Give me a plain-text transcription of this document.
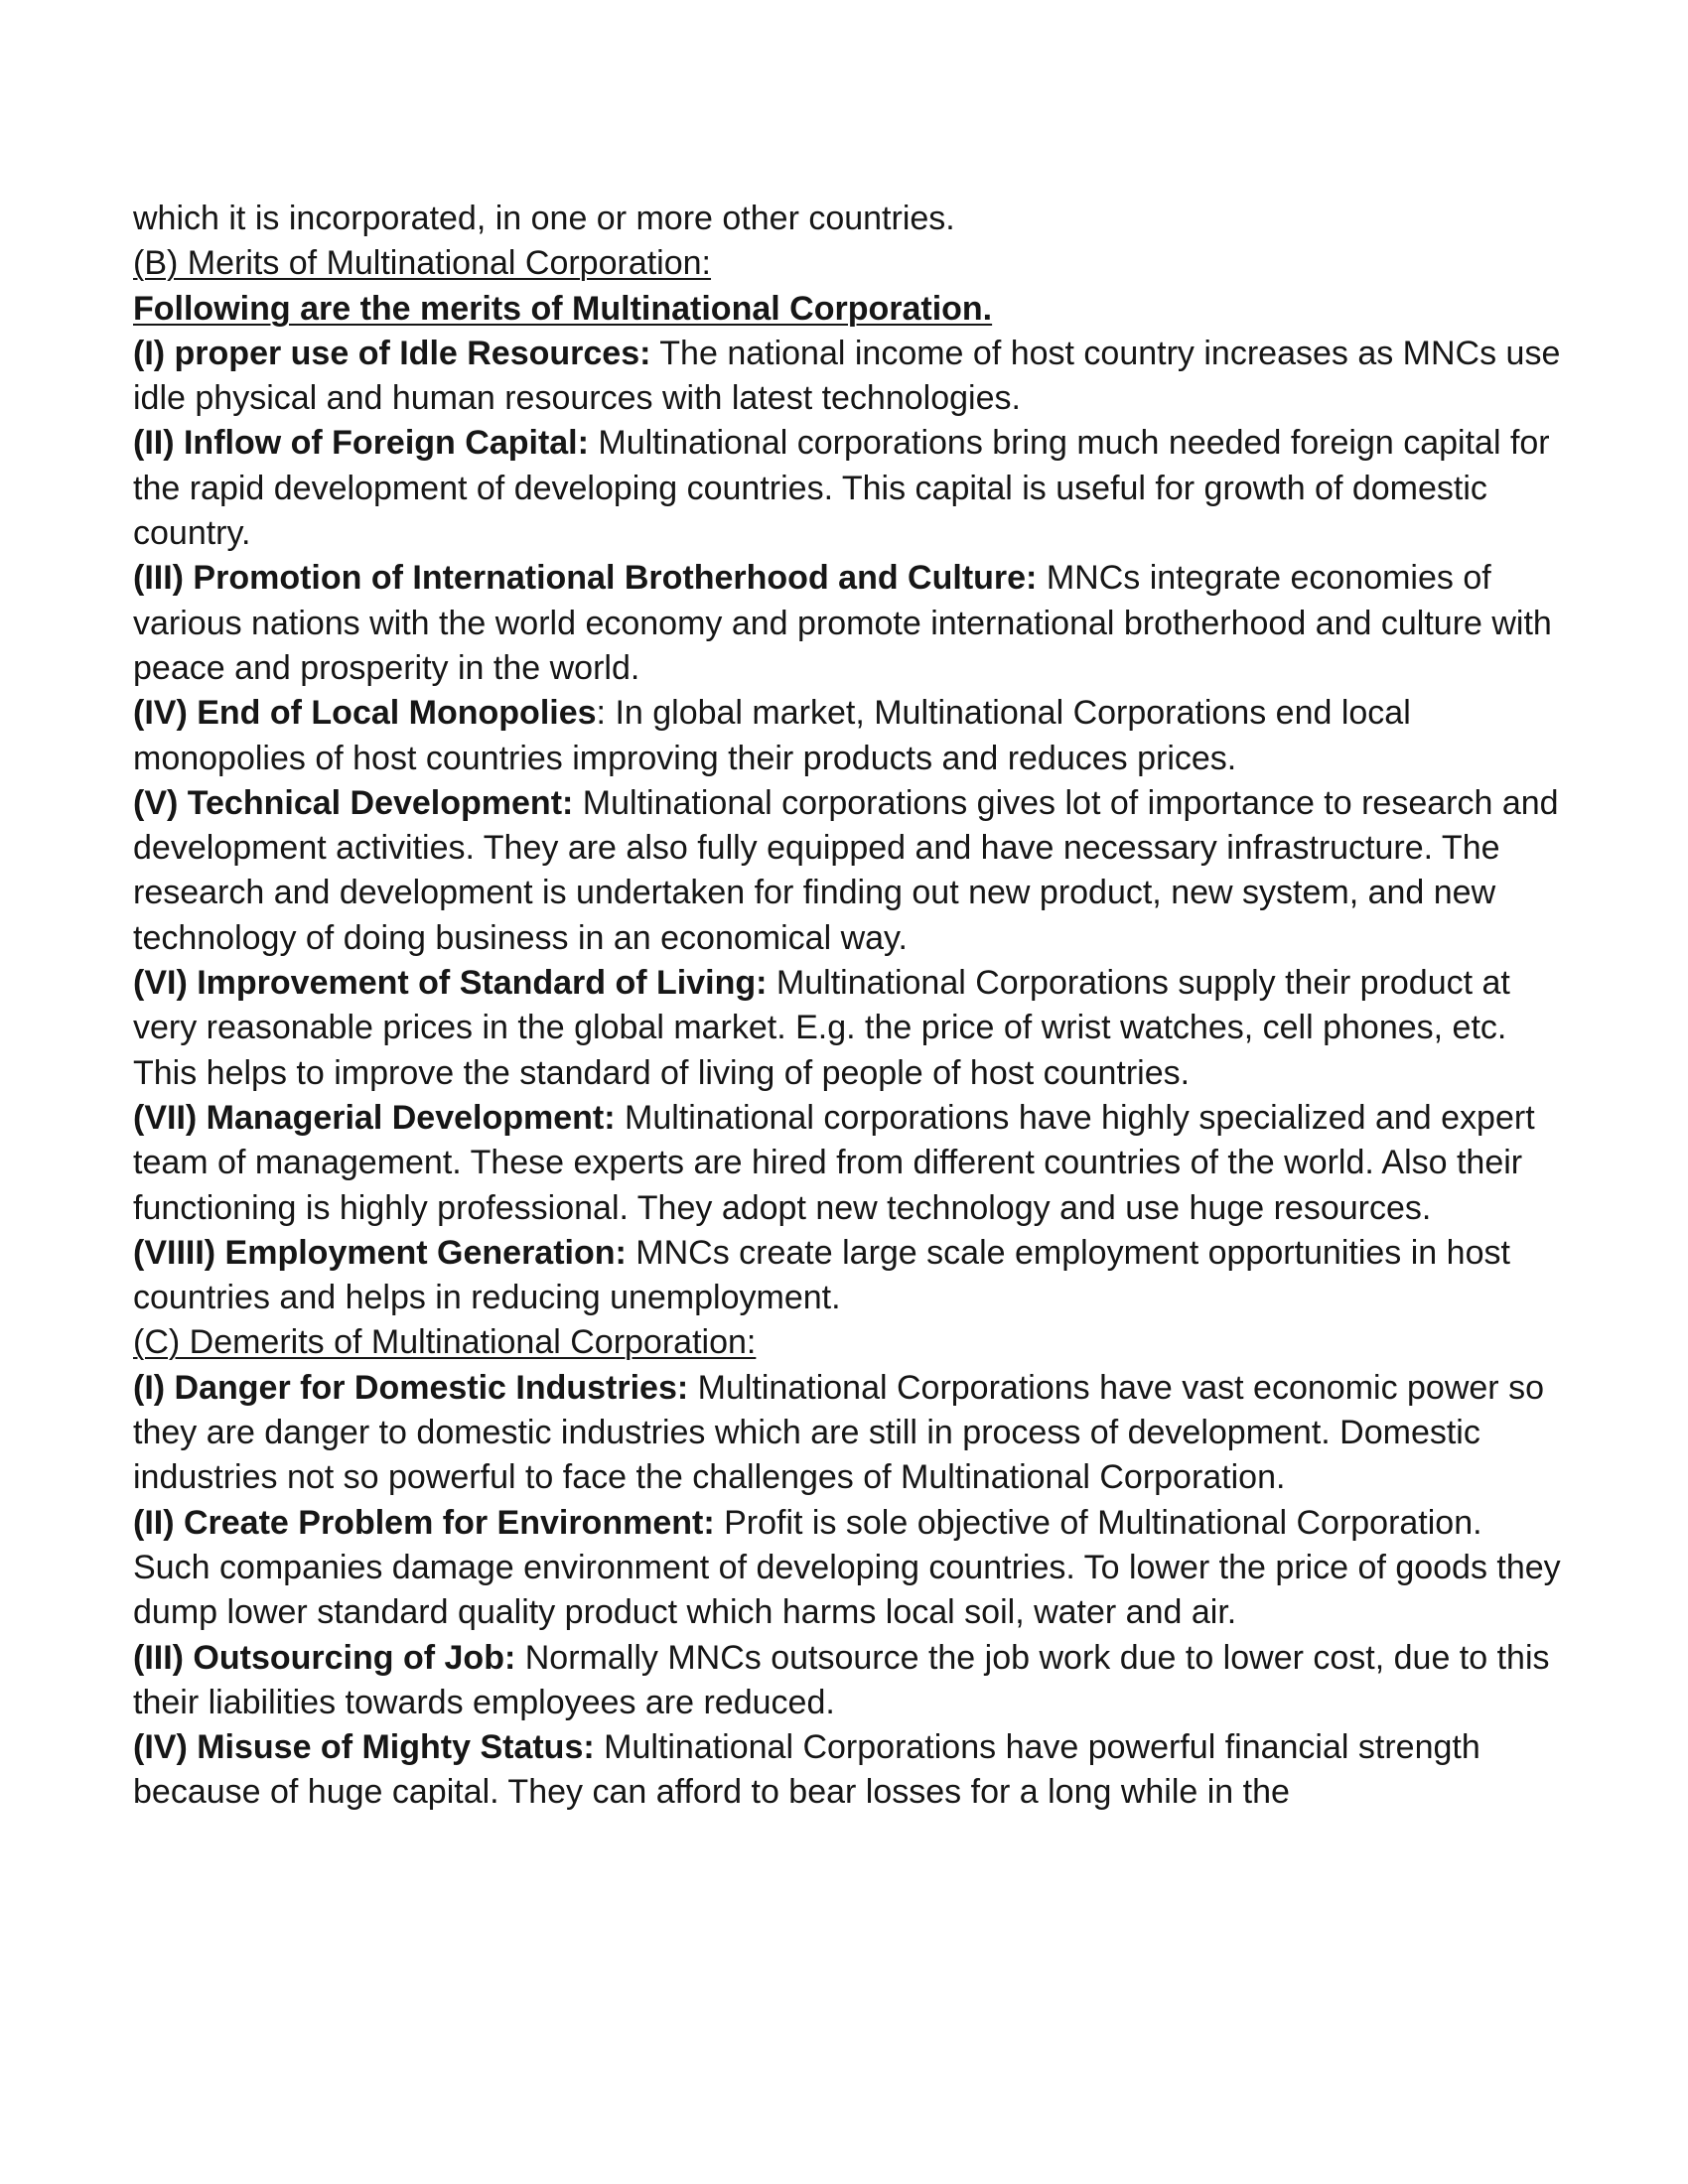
which it is incorporated, in one or more other countries.

(B) Merits of Multinational Corporation:

Following are the merits of Multinational Corporation.

(I) proper use of Idle Resources: The national income of host country increases as MNCs use idle physical and human resources with latest technologies.

(II) Inflow of Foreign Capital: Multinational corporations bring much needed foreign capital for the rapid development of developing countries. This capital is useful for growth of domestic country.

(III) Promotion of International Brotherhood and Culture: MNCs integrate economies of various nations with the world economy and promote international brotherhood and culture with peace and prosperity in the world.

(IV) End of Local Monopolies: In global market, Multinational Corporations end local monopolies of host countries improving their products and reduces prices.

(V) Technical Development: Multinational corporations gives lot of importance to research and development activities. They are also fully equipped and have necessary infrastructure. The research and development is undertaken for finding out new product, new system, and new technology of doing business in an economical way.

(VI) Improvement of Standard of Living: Multinational Corporations supply their product at very reasonable prices in the global market. E.g. the price of wrist watches, cell phones, etc. This helps to improve the standard of living of people of host countries.

(VII) Managerial Development: Multinational corporations have highly specialized and expert team of management. These experts are hired from different countries of the world. Also their functioning is highly professional. They adopt new technology and use huge resources.

(VIIII) Employment Generation: MNCs create large scale employment opportunities in host countries and helps in reducing unemployment.

(C) Demerits of Multinational Corporation:

(I) Danger for Domestic Industries: Multinational Corporations have vast economic power so they are danger to domestic industries which are still in process of development. Domestic industries not so powerful to face the challenges of Multinational Corporation.

(II) Create Problem for Environment: Profit is sole objective of Multinational Corporation. Such companies damage environment of developing countries. To lower the price of goods they dump lower standard quality product which harms local soil, water and air.

(III) Outsourcing of Job: Normally MNCs outsource the job work due to lower cost, due to this their liabilities towards employees are reduced.

(IV) Misuse of Mighty Status: Multinational Corporations have powerful financial strength because of huge capital. They can afford to bear losses for a long while in the
